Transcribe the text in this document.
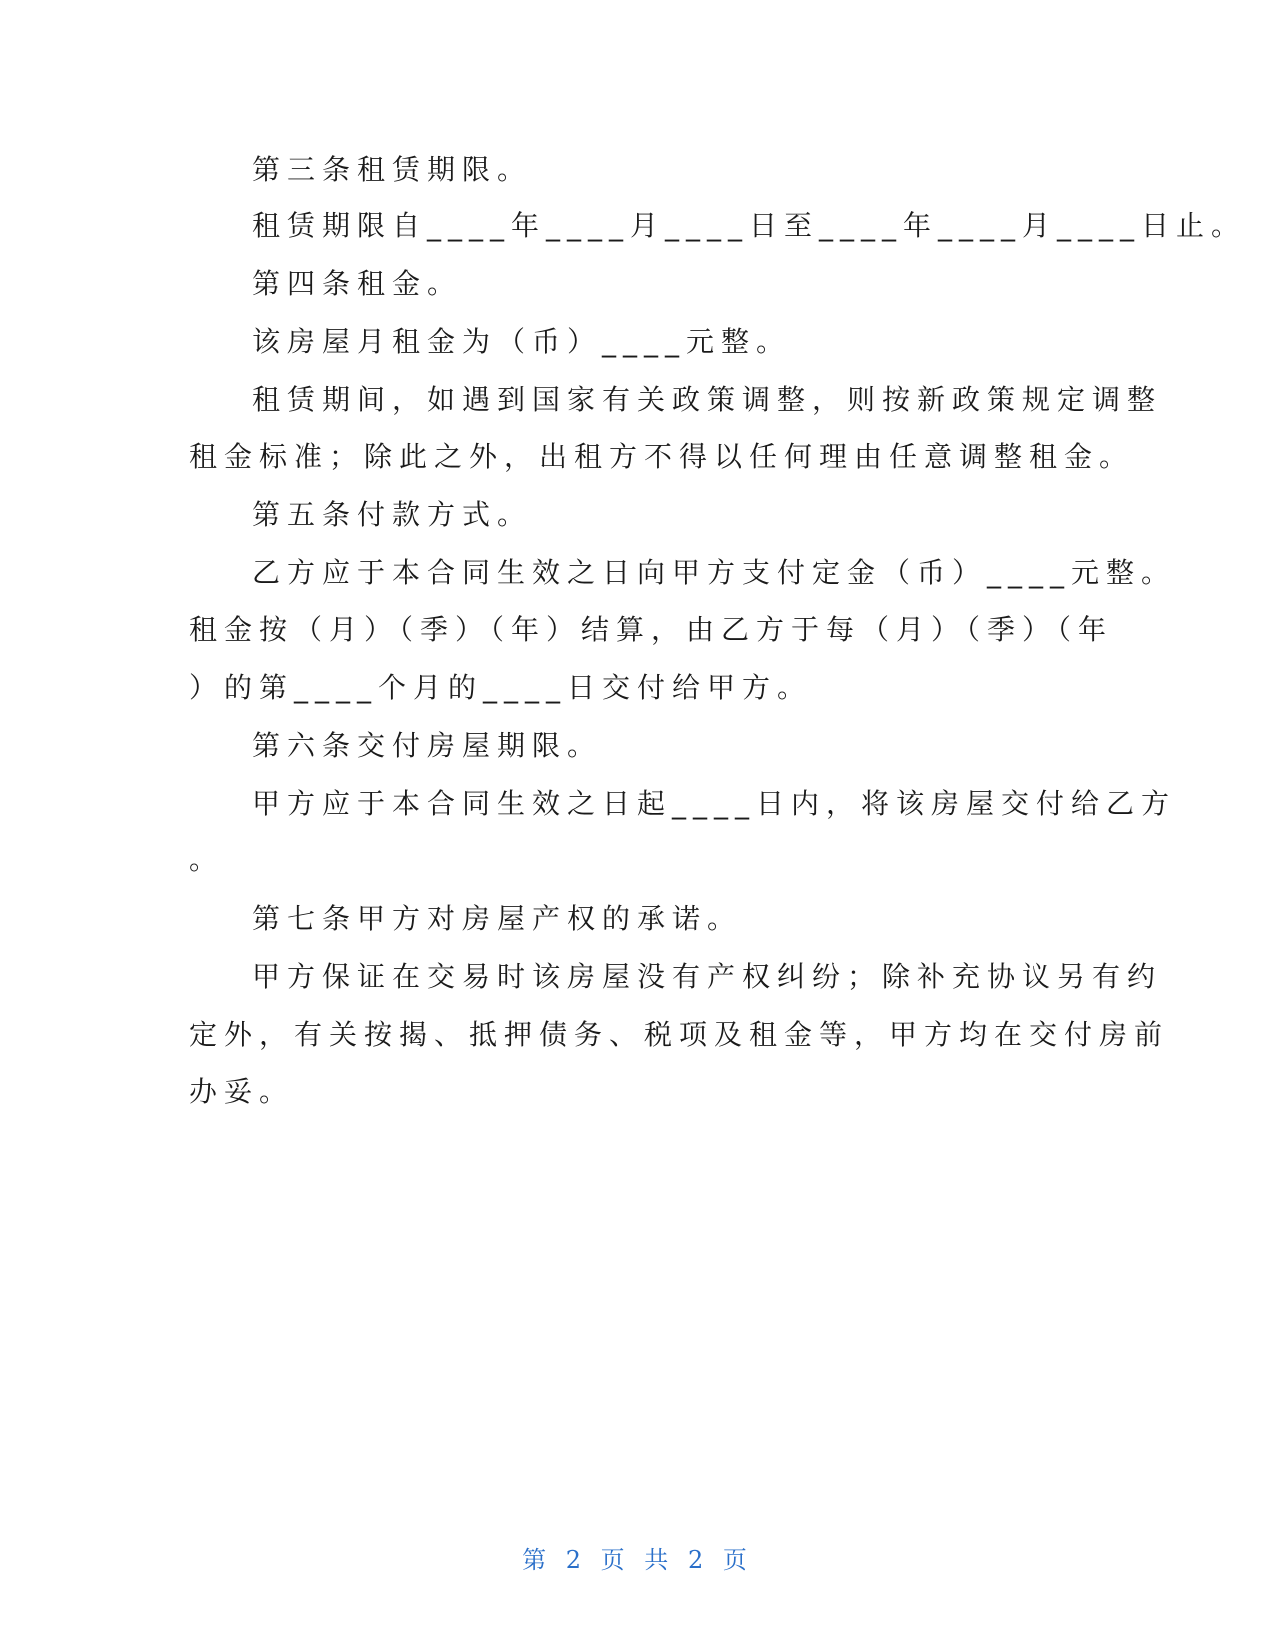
第三条租赁期限。
租赁期限自____年____月____日至____年____月____日止。
第四条租金。
该房屋月租金为（币）____元整。
租赁期间，如遇到国家有关政策调整，则按新政策规定调整
租金标准；除此之外，出租方不得以任何理由任意调整租金。
第五条付款方式。
乙方应于本合同生效之日向甲方支付定金（币）____元整。
租金按（月）（季）（年）结算，由乙方于每（月）（季）（年
）的第____个月的____日交付给甲方。
第六条交付房屋期限。
甲方应于本合同生效之日起____日内，将该房屋交付给乙方
。
第七条甲方对房屋产权的承诺。
甲方保证在交易时该房屋没有产权纠纷；除补充协议另有约
定外，有关按揭、抵押债务、税项及租金等，甲方均在交付房前
办妥。
第 2 页 共 2 页
